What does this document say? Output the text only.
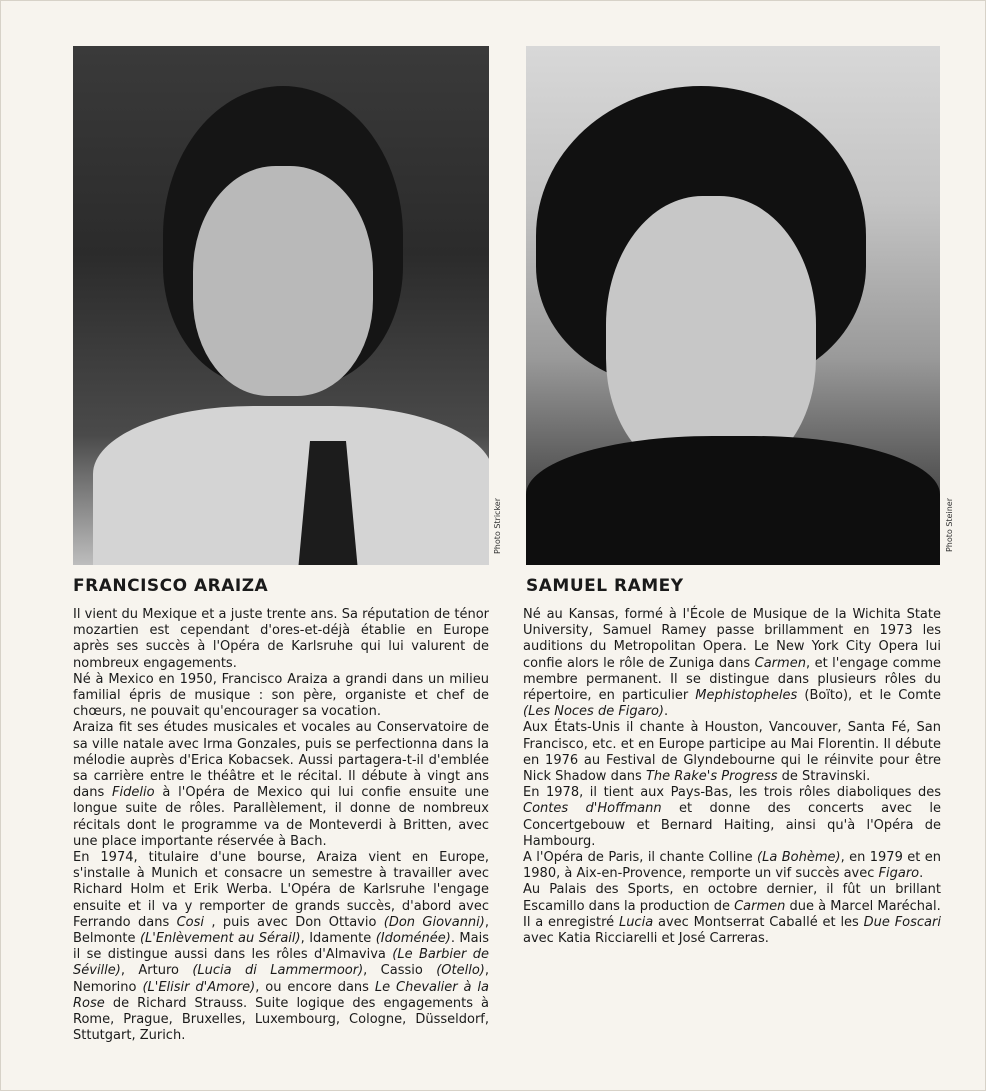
Photo Stricker
FRANCISCO ARAIZA

Il vient du Mexique et a juste trente ans. Sa réputation de ténor mozartien est cependant d'ores-et-déjà établie en Europe après ses succès à l'Opéra de Karlsruhe qui lui valurent de nombreux engagements.

Né à Mexico en 1950, Francisco Araiza a grandi dans un milieu familial épris de musique : son père, organiste et chef de chœurs, ne pouvait qu'encourager sa vocation.

Araiza fit ses études musicales et vocales au Conservatoire de sa ville natale avec Irma Gonzales, puis se perfectionna dans la mélodie auprès d'Erica Kobacsek. Aussi partagera-t-il d'emblée sa carrière entre le théâtre et le récital. Il débute à vingt ans dans Fidelio à l'Opéra de Mexico qui lui confie ensuite une longue suite de rôles. Parallèlement, il donne de nombreux récitals dont le programme va de Monteverdi à Britten, avec une place importante réservée à Bach.

En 1974, titulaire d'une bourse, Araiza vient en Europe, s'installe à Munich et consacre un semestre à travailler avec Richard Holm et Erik Werba. L'Opéra de Karlsruhe l'engage ensuite et il va y remporter de grands succès, d'abord avec Ferrando dans Cosi , puis avec Don Ottavio (Don Giovanni), Belmonte (L'Enlèvement au Sérail), Idamente (Idoménée). Mais il se distingue aussi dans les rôles d'Almaviva (Le Barbier de Séville), Arturo (Lucia di Lammermoor), Cassio (Otello), Nemorino (L'Elisir d'Amore), ou encore dans Le Chevalier à la Rose de Richard Strauss. Suite logique des engagements à Rome, Prague, Bruxelles, Luxembourg, Cologne, Düsseldorf, Sttutgart, Zurich.

Photo Steiner
SAMUEL RAMEY

Né au Kansas, formé à l'École de Musique de la Wichita State University, Samuel Ramey passe brillamment en 1973 les auditions du Metropolitan Opera. Le New York City Opera lui confie alors le rôle de Zuniga dans Carmen, et l'engage comme membre permanent. Il se distingue dans plusieurs rôles du répertoire, en particulier Mephistopheles (Boïto), et le Comte (Les Noces de Figaro).

Aux États-Unis il chante à Houston, Vancouver, Santa Fé, San Francisco, etc. et en Europe participe au Mai Florentin. Il débute en 1976 au Festival de Glyndebourne qui le réinvite pour être Nick Shadow dans The Rake's Progress de Stravinski.

En 1978, il tient aux Pays-Bas, les trois rôles diaboliques des Contes d'Hoffmann et donne des concerts avec le Concertgebouw et Bernard Haiting, ainsi qu'à l'Opéra de Hambourg.

A l'Opéra de Paris, il chante Colline (La Bohème), en 1979 et en 1980, à Aix-en-Provence, remporte un vif succès avec Figaro.

Au Palais des Sports, en octobre dernier, il fût un brillant Escamillo dans la production de Carmen due à Marcel Maréchal.

Il a enregistré Lucia avec Montserrat Caballé et les Due Foscari avec Katia Ricciarelli et José Carreras.
